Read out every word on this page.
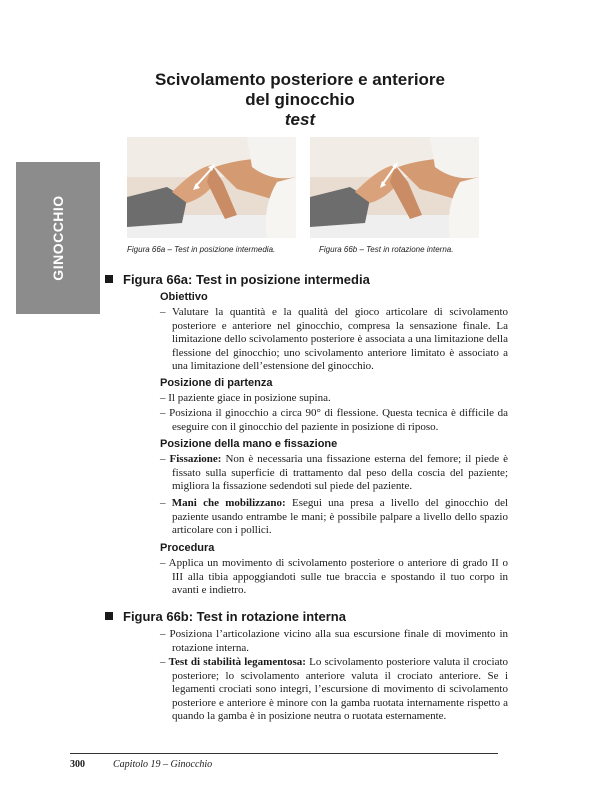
GINOCCHIO
Scivolamento posteriore e anteriore
del ginocchio
test
Figura 66a – Test in posizione intermedia.	Figura 66b – Test in rotazione interna.
Figura 66a: Test in posizione intermedia
Obiettivo
– Valutare la quantità e la qualità del gioco articolare di scivolamento posteriore e anteriore nel ginocchio, compresa la sensazione finale. La limitazione dello scivolamento posteriore è associata a una limitazione della flessione del ginocchio; uno scivolamento anteriore limitato è associato a una limitazione dell’estensione del ginocchio.
Posizione di partenza
– Il paziente giace in posizione supina.
– Posiziona il ginocchio a circa 90° di flessione. Questa tecnica è difficile da eseguire con il ginocchio del paziente in posizione di riposo.
Posizione della mano e fissazione
– Fissazione: Non è necessaria una fissazione esterna del femore; il piede è fissato sulla superficie di trattamento dal peso della coscia del paziente; migliora la fissazione sedendoti sul piede del paziente.
– Mani che mobilizzano: Esegui una presa a livello del ginocchio del paziente usando entrambe le mani; è possibile palpare a livello dello spazio articolare con i pollici.
Procedura
– Applica un movimento di scivolamento posteriore o anteriore di grado II o III alla tibia appoggiandoti sulle tue braccia e spostando il tuo corpo in avanti e indietro.
Figura 66b: Test in rotazione interna
– Posiziona l’articolazione vicino alla sua escursione finale di movimento in rotazione interna.
– Test di stabilità legamentosa: Lo scivolamento posteriore valuta il crociato posteriore; lo scivolamento anteriore valuta il crociato anteriore. Se i legamenti crociati sono integri, l’escursione di movimento di scivolamento posteriore e anteriore è minore con la gamba ruotata internamente rispetto a quando la gamba è in posizione neutra o ruotata esternamente.
300	Capitolo 19 – Ginocchio
